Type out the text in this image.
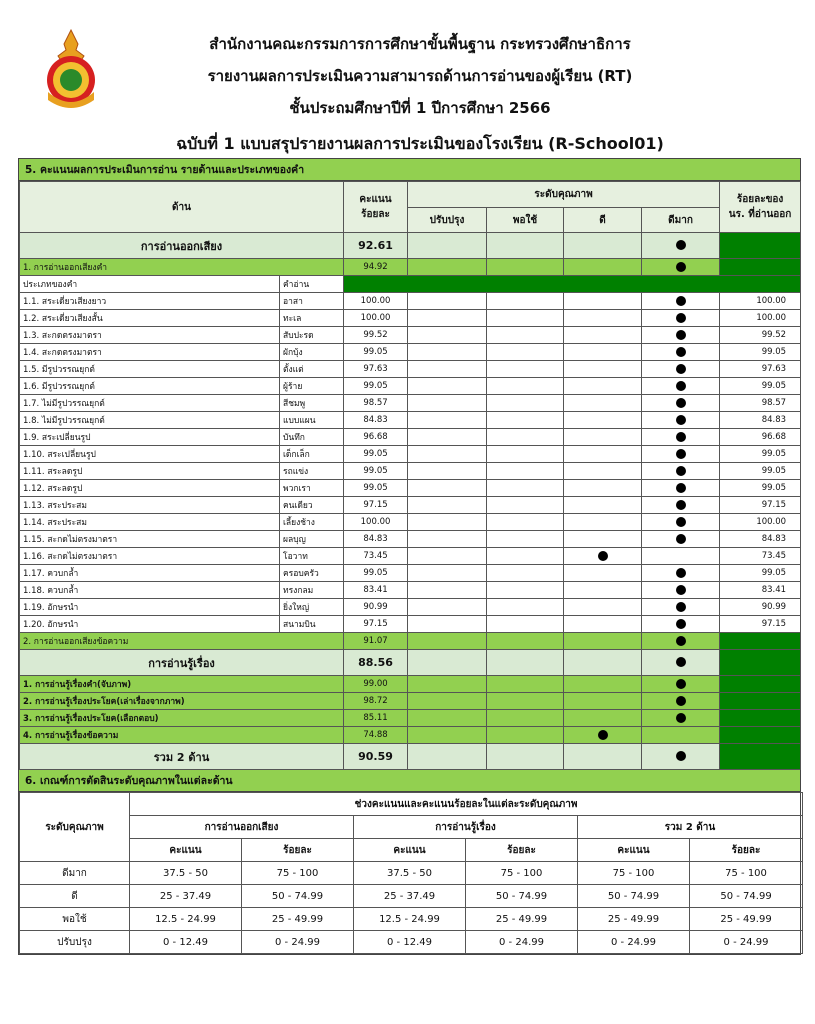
สำนักงานคณะกรรมการการศึกษาขั้นพื้นฐาน กระทรวงศึกษาธิการ
รายงานผลการประเมินความสามารถด้านการอ่านของผู้เรียน (RT)
ชั้นประถมศึกษาปีที่ 1 ปีการศึกษา 2566
ฉบับที่ 1 แบบสรุปรายงานผลการประเมินของโรงเรียน (R-School01)
5. คะแนนผลการประเมินการอ่าน รายด้านและประเภทของคำ
ด้าน		คะแนน
ร้อยละ	ระดับคุณภาพ				ร้อยละของ
นร. ที่อ่านออก
			ปรับปรุง	พอใช้	ดี	ดีมาก	
การอ่านออกเสียง		92.61					
1. การอ่านออกเสียงคำ		94.92					
ประเภทของคำ	คำอ่าน						
1.1. สระเดี่ยวเสียงยาว	อาสา	100.00					100.00
1.2. สระเดี่ยวเสียงสั้น	ทะเล	100.00					100.00
1.3. สะกดตรงมาตรา	สับปะรด	99.52					99.52
1.4. สะกดตรงมาตรา	ผักบุ้ง	99.05					99.05
1.5. มีรูปวรรณยุกต์	ตั้งแต่	97.63					97.63
1.6. มีรูปวรรณยุกต์	ผู้ร้าย	99.05					99.05
1.7. ไม่มีรูปวรรณยุกต์	สีชมพู	98.57					98.57
1.8. ไม่มีรูปวรรณยุกต์	แบบแผน	84.83					84.83
1.9. สระเปลี่ยนรูป	บันทึก	96.68					96.68
1.10. สระเปลี่ยนรูป	เด็กเล็ก	99.05					99.05
1.11. สระลดรูป	รถแข่ง	99.05					99.05
1.12. สระลดรูป	พวกเรา	99.05					99.05
1.13. สระประสม	คนเดียว	97.15					97.15
1.14. สระประสม	เลี้ยงช้าง	100.00					100.00
1.15. สะกดไม่ตรงมาตรา	ผลบุญ	84.83					84.83
1.16. สะกดไม่ตรงมาตรา	โอวาท	73.45					73.45
1.17. ควบกล้ำ	ครอบครัว	99.05					99.05
1.18. ควบกล้ำ	ทรงกลม	83.41					83.41
1.19. อักษรนำ	ยิ่งใหญ่	90.99					90.99
1.20. อักษรนำ	สนามบิน	97.15					97.15
2. การอ่านออกเสียงข้อความ		91.07					
การอ่านรู้เรื่อง		88.56					
1. การอ่านรู้เรื่องคำ(จับภาพ)		99.00					
2. การอ่านรู้เรื่องประโยค(เล่าเรื่องจากภาพ)		98.72					
3. การอ่านรู้เรื่องประโยค(เลือกตอบ)		85.11					
4. การอ่านรู้เรื่องข้อความ		74.88					
รวม 2 ด้าน		90.59					
6. เกณฑ์การตัดสินระดับคุณภาพในแต่ละด้าน
ระดับคุณภาพ	ช่วงคะแนนและคะแนนร้อยละในแต่ละระดับคุณภาพ					
	การอ่านออกเสียง		การอ่านรู้เรื่อง		รวม 2 ด้าน	
	คะแนน	ร้อยละ	คะแนน	ร้อยละ	คะแนน	ร้อยละ
ดีมาก	37.5 - 50	75 - 100	37.5 - 50	75 - 100	75 - 100	75 - 100
ดี	25 - 37.49	50 - 74.99	25 - 37.49	50 - 74.99	50 - 74.99	50 - 74.99
พอใช้	12.5 - 24.99	25 - 49.99	12.5 - 24.99	25 - 49.99	25 - 49.99	25 - 49.99
ปรับปรุง	0 - 12.49	0 - 24.99	0 - 12.49	0 - 24.99	0 - 24.99	0 - 24.99
